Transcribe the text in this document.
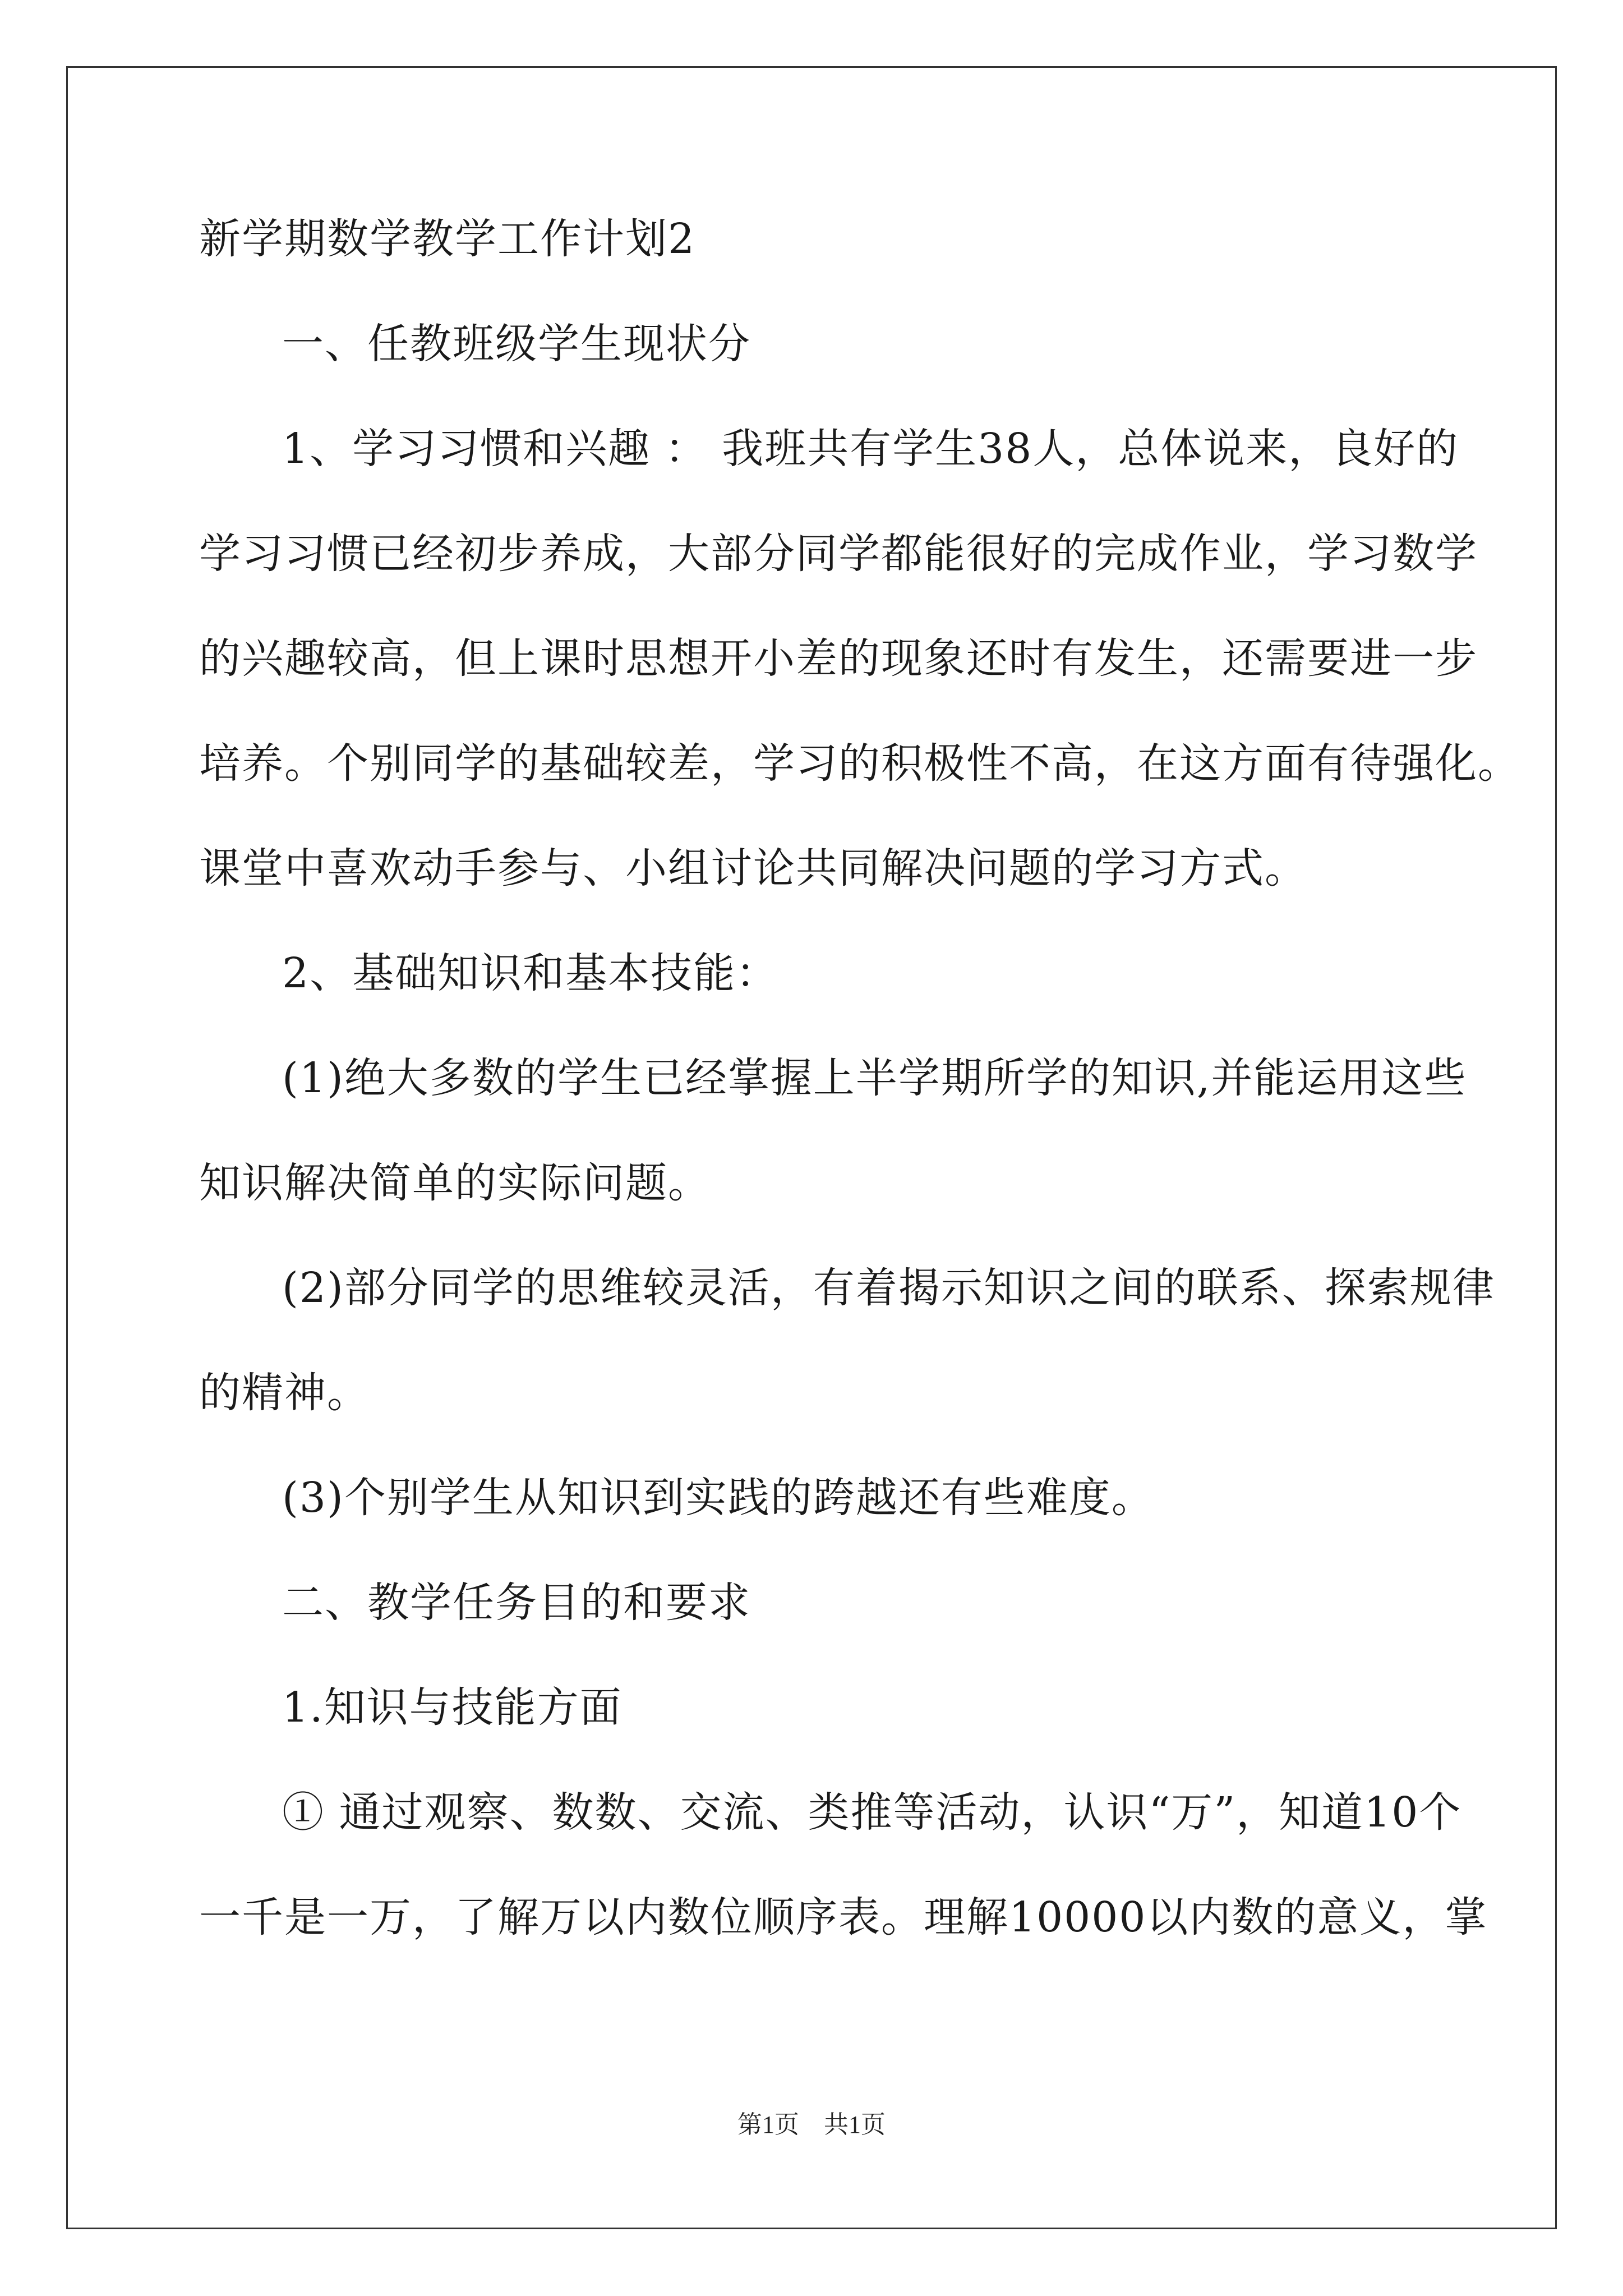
新学期数学教学工作计划2
一、任教班级学生现状分
1、学习习惯和兴趣 ： 我班共有学生38人，总体说来，良好的
学习习惯已经初步养成，大部分同学都能很好的完成作业，学习数学
的兴趣较高，但上课时思想开小差的现象还时有发生，还需要进一步
培养。个别同学的基础较差，学习的积极性不高，在这方面有待强化。
课堂中喜欢动手参与、小组讨论共同解决问题的学习方式。
2、基础知识和基本技能：
(1)绝大多数的学生已经掌握上半学期所学的知识,并能运用这些
知识解决简单的实际问题。
(2)部分同学的思维较灵活，有着揭示知识之间的联系、探索规律
的精神。
(3)个别学生从知识到实践的跨越还有些难度。
二、教学任务目的和要求
1.知识与技能方面
① 通过观察、数数、交流、类推等活动，认识“万”，知道10个
一千是一万，了解万以内数位顺序表。理解10000以内数的意义，掌
第1页　共1页
